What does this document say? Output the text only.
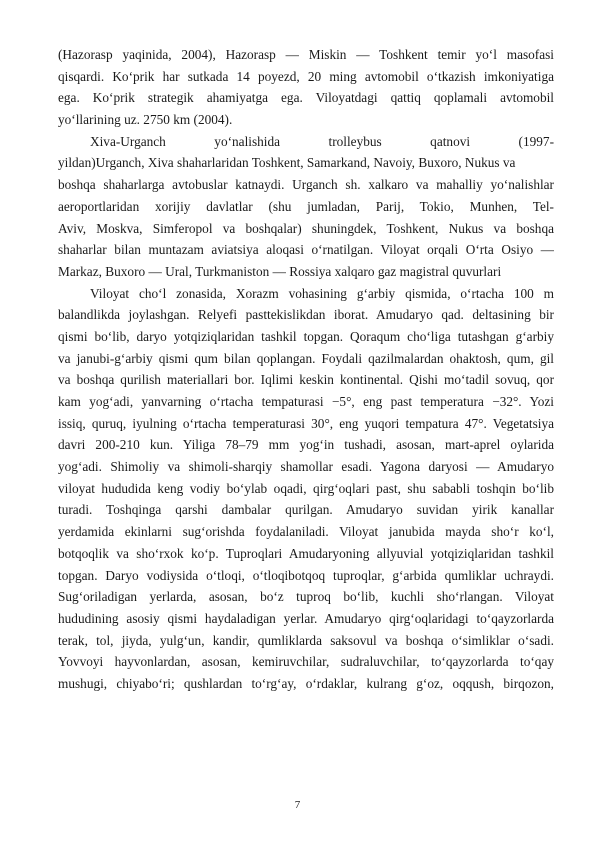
(Hazorasp yaqinida, 2004), Hazorasp — Miskin — Toshkent temir yo‘l masofasi
qisqardi. Ko‘prik har sutkada 14 poyezd, 20 ming avtomobil o‘tkazish imkoniyatiga
ega. Ko‘prik strategik ahamiyatga ega. Viloyatdagi qattiq qoplamali avtomobil
yo‘llarining uz. 2750 km (2004).

Xiva-Urganch yo‘nalishida trolleybus qatnovi (1997-
yildan)Urganch, Xiva shaharlaridan Toshkent, Samarkand, Navoiy, Buxoro, Nukus va
boshqa shaharlarga avtobuslar katnaydi. Urganch sh. xalkaro va mahalliy yo‘nalishlar
aeroportlaridan xorijiy davlatlar (shu jumladan, Parij, Tokio, Munhen, Tel-
Aviv, Moskva, Simferopol va boshqalar) shuningdek, Toshkent, Nukus va boshqa
shaharlar bilan muntazam aviatsiya aloqasi o‘rnatilgan. Viloyat orqali O‘rta Osiyo —
Markaz, Buxoro — Ural, Turkmaniston — Rossiya xalqaro gaz magistral quvurlari

Viloyat cho‘l zonasida, Xorazm vohasining g‘arbiy qismida, o‘rtacha 100 m
balandlikda joylashgan. Relyefi pasttekislikdan iborat. Amudaryo qad. deltasining bir
qismi bo‘lib, daryo yotqiziqlaridan tashkil topgan. Qoraqum cho‘liga tutashgan g‘arbiy
va janubi-g‘arbiy qismi qum bilan qoplangan. Foydali qazilmalardan ohaktosh, qum, gil
va boshqa qurilish materiallari bor. Iqlimi keskin kontinental. Qishi mo‘tadil sovuq, qor
kam yog‘adi, yanvarning o‘rtacha tempaturasi −5°, eng past temperatura −32°. Yozi
issiq, quruq, iyulning o‘rtacha temperaturasi 30°, eng yuqori tempatura 47°. Vegetatsiya
davri 200-210 kun. Yiliga 78–79 mm yog‘in tushadi, asosan, mart-aprel oylarida
yog‘adi. Shimoliy va shimoli-sharqiy shamollar esadi. Yagona daryosi — Amudaryo
viloyat hududida keng vodiy bo‘ylab oqadi, qirg‘oqlari past, shu sababli toshqin bo‘lib
turadi. Toshqinga qarshi dambalar qurilgan. Amudaryo suvidan yirik kanallar
yerdamida ekinlarni sug‘orishda foydalaniladi. Viloyat janubida mayda sho‘r ko‘l,
botqoqlik va sho‘rxok ko‘p. Tuproqlari Amudaryoning allyuvial yotqiziqlaridan tashkil
topgan. Daryo vodiysida o‘tloqi, o‘tloqibotqoq tuproqlar, g‘arbida qumliklar uchraydi.
Sug‘oriladigan yerlarda, asosan, bo‘z tuproq bo‘lib, kuchli sho‘rlangan. Viloyat
hududining asosiy qismi haydaladigan yerlar. Amudaryo qirg‘oqlaridagi to‘qayzorlarda
terak, tol, jiyda, yulg‘un, kandir, qumliklarda saksovul va boshqa o‘simliklar o‘sadi.
Yovvoyi hayvonlardan, asosan, kemiruvchilar, sudraluvchilar, to‘qayzorlarda to‘qay
mushugi, chiyabo‘ri; qushlardan to‘rg‘ay, o‘rdaklar, kulrang g‘oz, oqqush, birqozon,

7
